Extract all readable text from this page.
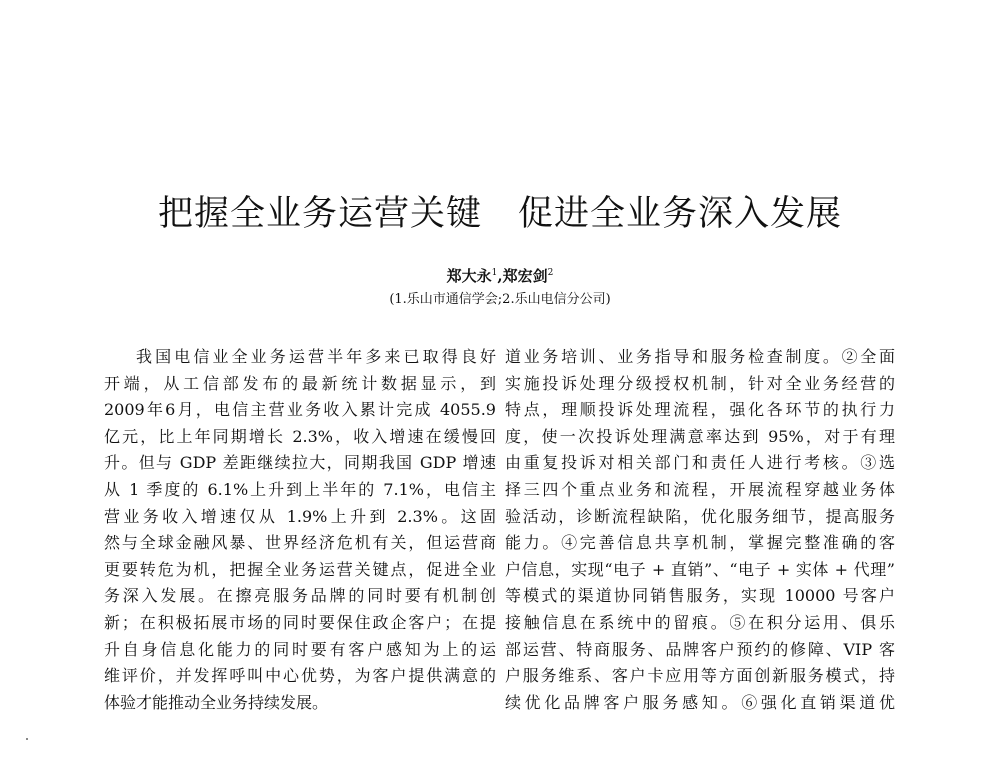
把握全业务运营关键 促进全业务深入发展
郑大永$^1$,郑宏剑$^2$
(1.乐山市通信学会;2.乐山电信分公司)
我国电信业全业务运营半年多来已取得良好
开端，从工信部发布的最新统计数据显示，到
2009年6月，电信主营业务收入累计完成 4055.9
亿元，比上年同期增长 2.3%，收入增速在缓慢回
升。但与 GDP 差距继续拉大，同期我国 GDP 增速
从 1 季度的 6.1%上升到上半年的 7.1%，电信主
营业务收入增速仅从 1.9%上升到 2.3%。这固
然与全球金融风暴、世界经济危机有关，但运营商
更要转危为机，把握全业务运营关键点，促进全业
务深入发展。在擦亮服务品牌的同时要有机制创
新；在积极拓展市场的同时要保住政企客户；在提
升自身信息化能力的同时要有客户感知为上的运
维评价，并发挥呼叫中心优势，为客户提供满意的
体验才能推动全业务持续发展。
道业务培训、业务指导和服务检查制度。②全面
实施投诉处理分级授权机制，针对全业务经营的
特点，理顺投诉处理流程，强化各环节的执行力
度，使一次投诉处理满意率达到 95%，对于有理
由重复投诉对相关部门和责任人进行考核。③选
择三四个重点业务和流程，开展流程穿越业务体
验活动，诊断流程缺陷，优化服务细节，提高服务
能力。④完善信息共享机制，掌握完整准确的客
户信息，实现“电子 + 直销”、“电子 + 实体 + 代理”
等模式的渠道协同销售服务，实现 10000 号客户
接触信息在系统中的留痕。⑤在积分运用、俱乐
部运营、特商服务、品牌客户预约的修障、VIP 客
户服务维系、客户卡应用等方面创新服务模式，持
续优化品牌客户服务感知。⑥强化直销渠道优
